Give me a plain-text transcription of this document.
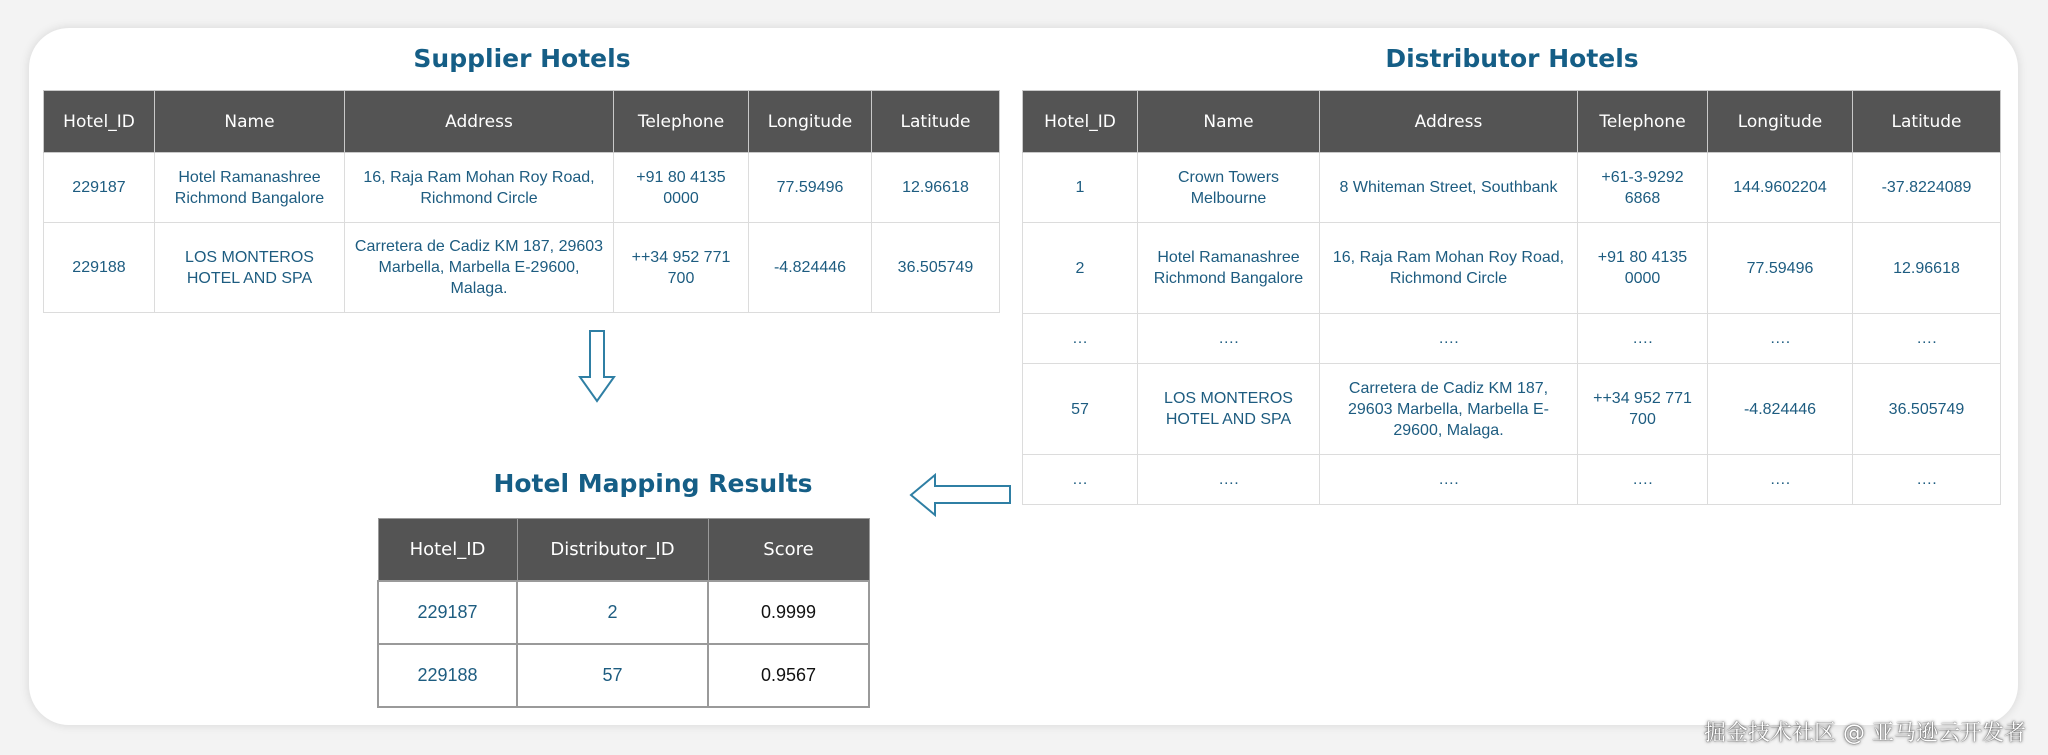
Supplier Hotels
Hotel_ID	Name	Address	Telephone	Longitude	Latitude
229187	Hotel Ramanashree Richmond Bangalore	16, Raja Ram Mohan Roy Road, Richmond Circle	+91 80 4135 0000	77.59496	12.96618
229188	LOS MONTEROS HOTEL AND SPA	Carretera de Cadiz KM 187, 29603 Marbella, Marbella E-29600, Malaga.	++34 952 771 700	-4.824446	36.505749
Distributor Hotels
Hotel_ID	Name	Address	Telephone	Longitude	Latitude
1	Crown Towers Melbourne	8 Whiteman Street, Southbank	+61-3-9292 6868	144.9602204	-37.8224089
2	Hotel Ramanashree Richmond Bangalore	16, Raja Ram Mohan Roy Road, Richmond Circle	+91 80 4135 0000	77.59496	12.96618
…	….	….	….	….	….
57	LOS MONTEROS HOTEL AND SPA	Carretera de Cadiz KM 187, 29603 Marbella, Marbella E-29600, Malaga.	++34 952 771 700	-4.824446	36.505749
…	….	….	….	….	….
Hotel Mapping Results
Hotel_ID	Distributor_ID	Score
229187	2	0.9999
229188	57	0.9567
掘金技术社区 @ 亚马逊云开发者
